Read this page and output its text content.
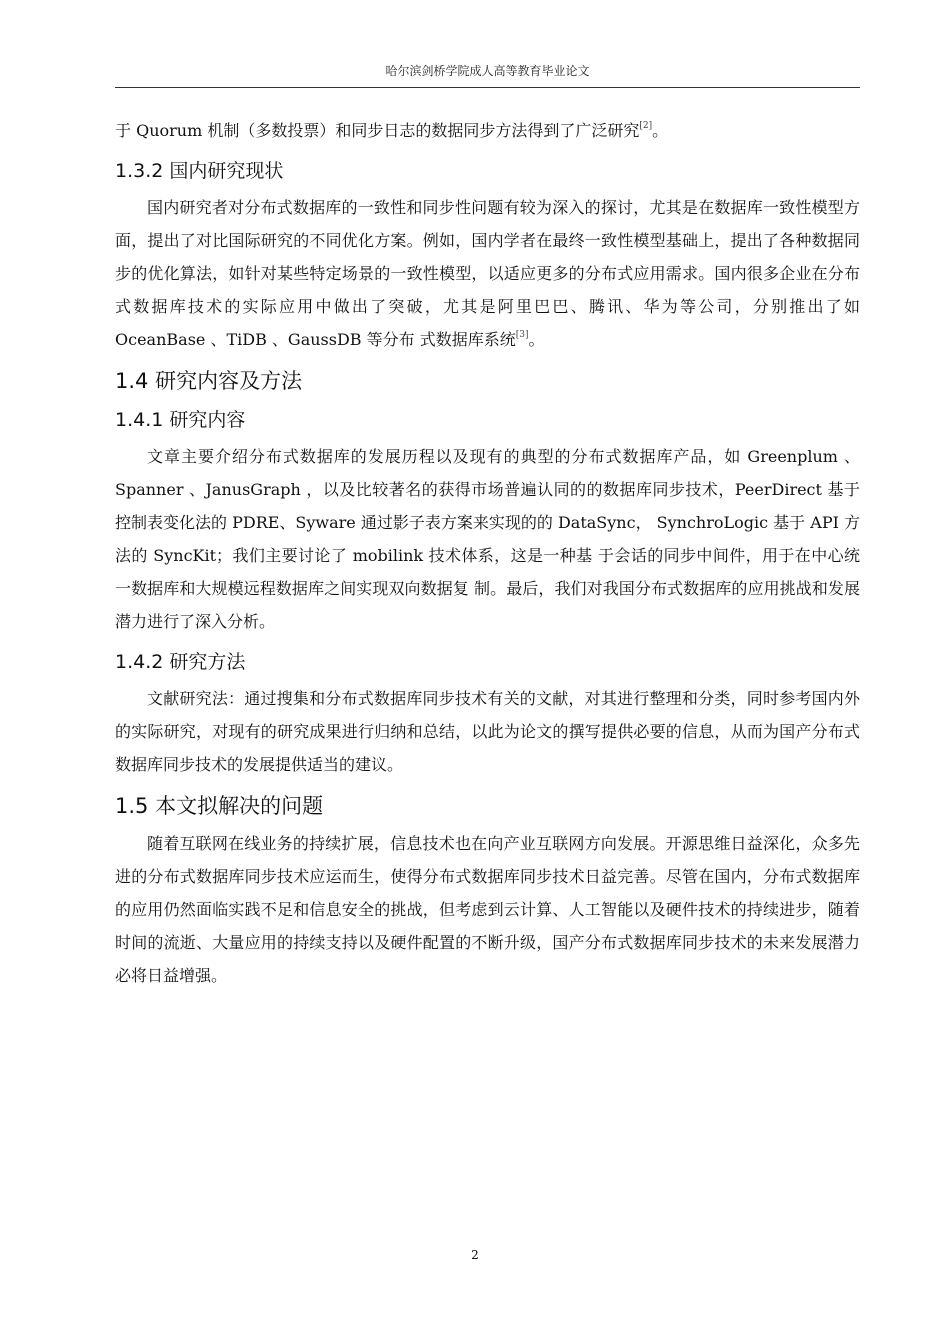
哈尔滨剑桥学院成人高等教育毕业论文

于 Quorum 机制（多数投票）和同步日志的数据同步方法得到了广泛研究[2]。

1.3.2 国内研究现状

国内研究者对分布式数据库的一致性和同步性问题有较为深入的探讨，尤其是在数据库一致性模型方面，提出了对比国际研究的不同优化方案。例如，国内学者在最终一致性模型基础上，提出了各种数据同步的优化算法，如针对某些特定场景的一致性模型，以适应更多的分布式应用需求。国内很多企业在分布式数据库技术的实际应用中做出了突破，尤其是阿里巴巴、腾讯、华为等公司，分别推出了如 OceanBase 、TiDB 、GaussDB 等分布 式数据库系统[3]。

1.4 研究内容及方法
1.4.1 研究内容

文章主要介绍分布式数据库的发展历程以及现有的典型的分布式数据库产品，如 Greenplum 、Spanner 、JanusGraph ，以及比较著名的获得市场普遍认同的的数据库同步技术，PeerDirect 基于控制表变化法的 PDRE、Syware 通过影子表方案来实现的的 DataSync， SynchroLogic 基于 API 方法的 SyncKit；我们主要讨论了 mobilink 技术体系，这是一种基 于会话的同步中间件，用于在中心统一数据库和大规模远程数据库之间实现双向数据复 制。最后，我们对我国分布式数据库的应用挑战和发展潜力进行了深入分析。

1.4.2 研究方法

文献研究法：通过搜集和分布式数据库同步技术有关的文献，对其进行整理和分类，同时参考国内外的实际研究，对现有的研究成果进行归纳和总结，以此为论文的撰写提供必要的信息，从而为国产分布式数据库同步技术的发展提供适当的建议。

1.5 本文拟解决的问题

随着互联网在线业务的持续扩展，信息技术也在向产业互联网方向发展。开源思维日益深化，众多先进的分布式数据库同步技术应运而生，使得分布式数据库同步技术日益完善。尽管在国内，分布式数据库的应用仍然面临实践不足和信息安全的挑战，但考虑到云计算、人工智能以及硬件技术的持续进步，随着时间的流逝、大量应用的持续支持以及硬件配置的不断升级，国产分布式数据库同步技术的未来发展潜力必将日益增强。

2
